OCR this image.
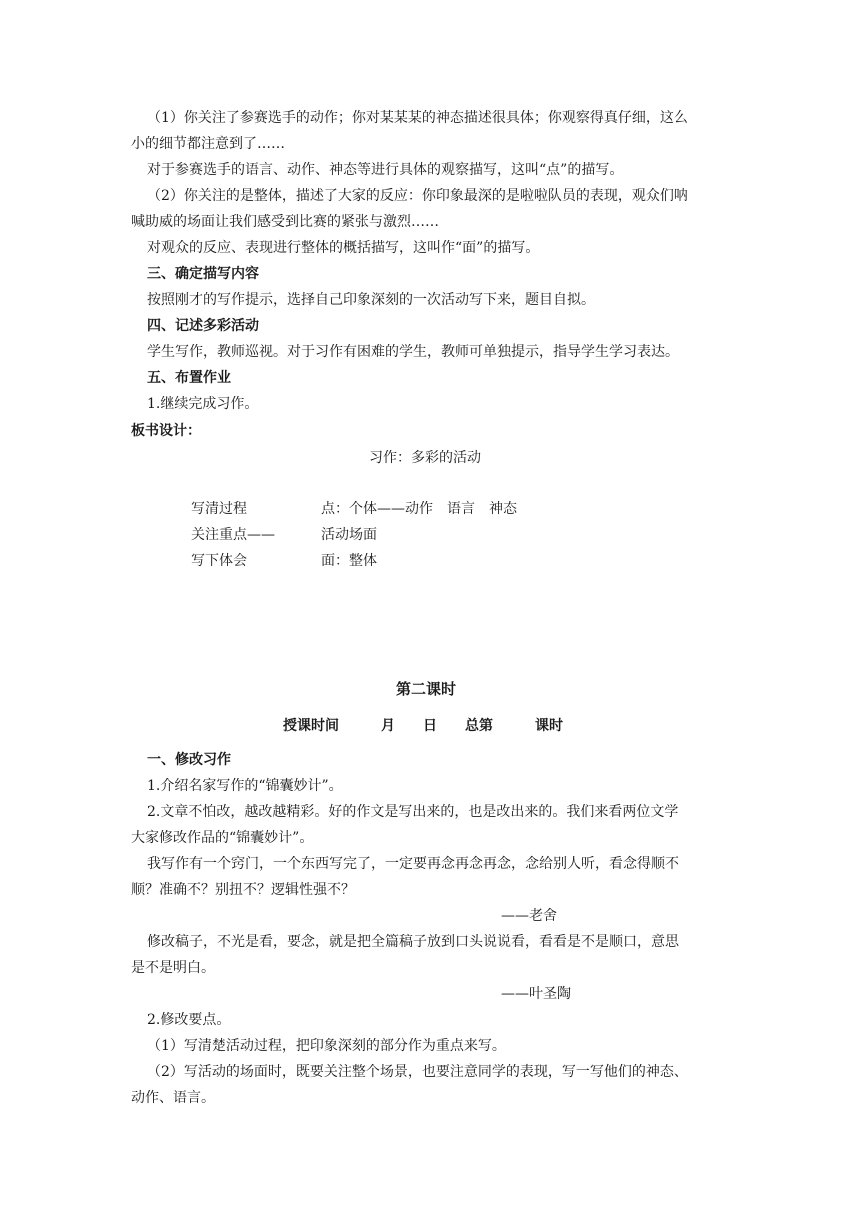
（1）你关注了参赛选手的动作；你对某某某的神态描述很具体；你观察得真仔细，这么
小的细节都注意到了……
对于参赛选手的语言、动作、神态等进行具体的观察描写，这叫“点”的描写。
（2）你关注的是整体，描述了大家的反应：你印象最深的是啦啦队员的表现，观众们呐
喊助威的场面让我们感受到比赛的紧张与激烈……
对观众的反应、表现进行整体的概括描写，这叫作“面”的描写。
三、确定描写内容
按照刚才的写作提示，选择自己印象深刻的一次活动写下来，题目自拟。
四、记述多彩活动
学生写作，教师巡视。对于习作有困难的学生，教师可单独提示，指导学生学习表达。
五、布置作业
1.继续完成习作。
板书设计：
习作：多彩的活动
写清过程
关注重点——
写下体会
点：个体——动作　语言　神态
活动场面
面：整体
第二课时
授课时间　　　月　　日　　总第　　　课时
一、修改习作
1.介绍名家写作的“锦囊妙计”。
2.文章不怕改，越改越精彩。好的作文是写出来的，也是改出来的。我们来看两位文学
大家修改作品的“锦囊妙计”。
我写作有一个窍门，一个东西写完了，一定要再念再念再念，念给别人听，看念得顺不
顺？准确不？别扭不？逻辑性强不？
——老舍
修改稿子，不光是看，要念，就是把全篇稿子放到口头说说看，看看是不是顺口，意思
是不是明白。
——叶圣陶
2.修改要点。
（1）写清楚活动过程，把印象深刻的部分作为重点来写。
（2）写活动的场面时，既要关注整个场景，也要注意同学的表现，写一写他们的神态、
动作、语言。
